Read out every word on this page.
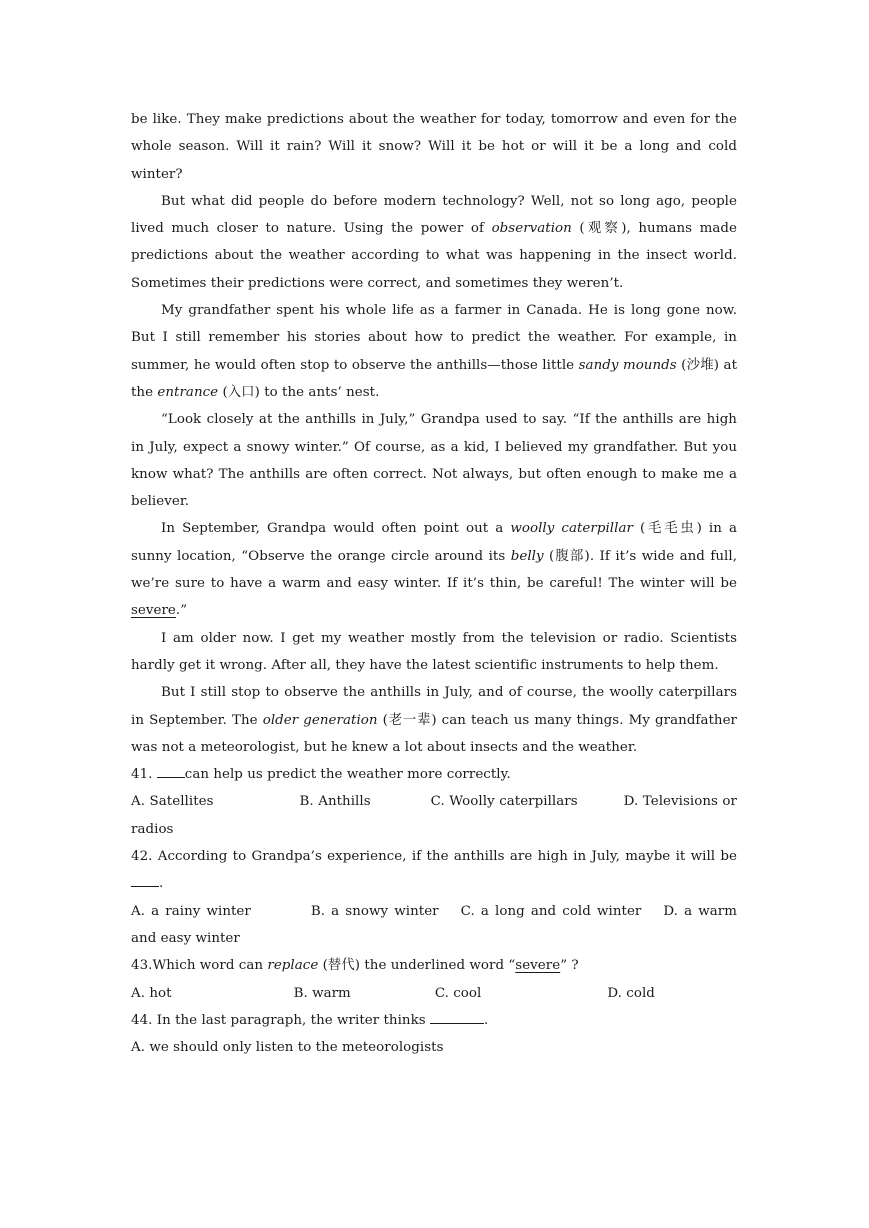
be like. They make predictions about the weather for today, tomorrow and even for the whole season. Will it rain? Will it snow? Will it be hot or will it be a long and cold winter?

But what did people do before modern technology? Well, not so long ago, people lived much closer to nature. Using the power of observation (观察), humans made predictions about the weather according to what was happening in the insect world. Sometimes their predictions were correct, and sometimes they weren’t.

My grandfather spent his whole life as a farmer in Canada. He is long gone now. But I still remember his stories about how to predict the weather. For example, in summer, he would often stop to observe the anthills—those little sandy mounds (沙堆) at the entrance (入口) to the ants’ nest.

“Look closely at the anthills in July,” Grandpa used to say. “If the anthills are high in July, expect a snowy winter.” Of course, as a kid, I believed my grandfather. But you know what? The anthills are often correct. Not always, but often enough to make me a believer.

In September, Grandpa would often point out a woolly caterpillar (毛毛虫) in a sunny location, “Observe the orange circle around its belly (腹部). If it’s wide and full, we’re sure to have a warm and easy winter. If it’s thin, be careful! The winter will be severe.”

I am older now. I get my weather mostly from the television or radio. Scientists hardly get it wrong. After all, they have the latest scientific instruments to help them.

But I still stop to observe the anthills in July, and of course, the woolly caterpillars in September. The older generation (老一辈) can teach us many things. My grandfather was not a meteorologist, but he knew a lot about insects and the weather.

41. can help us predict the weather more correctly.

A. Satellites	B. Anthills	C. Woolly caterpillars	D. Televisions or radios

42. According to Grandpa’s experience, if the anthills are high in July, maybe it will be .

A. a rainy winter	B. a snowy winter C. a long and cold winter D. a warm and easy winter

43.Which word can replace (替代) the underlined word “severe” ?

A. hot	B. warm	C. cool	D. cold

44. In the last paragraph, the writer thinks	.

A. we should only listen to the meteorologists
